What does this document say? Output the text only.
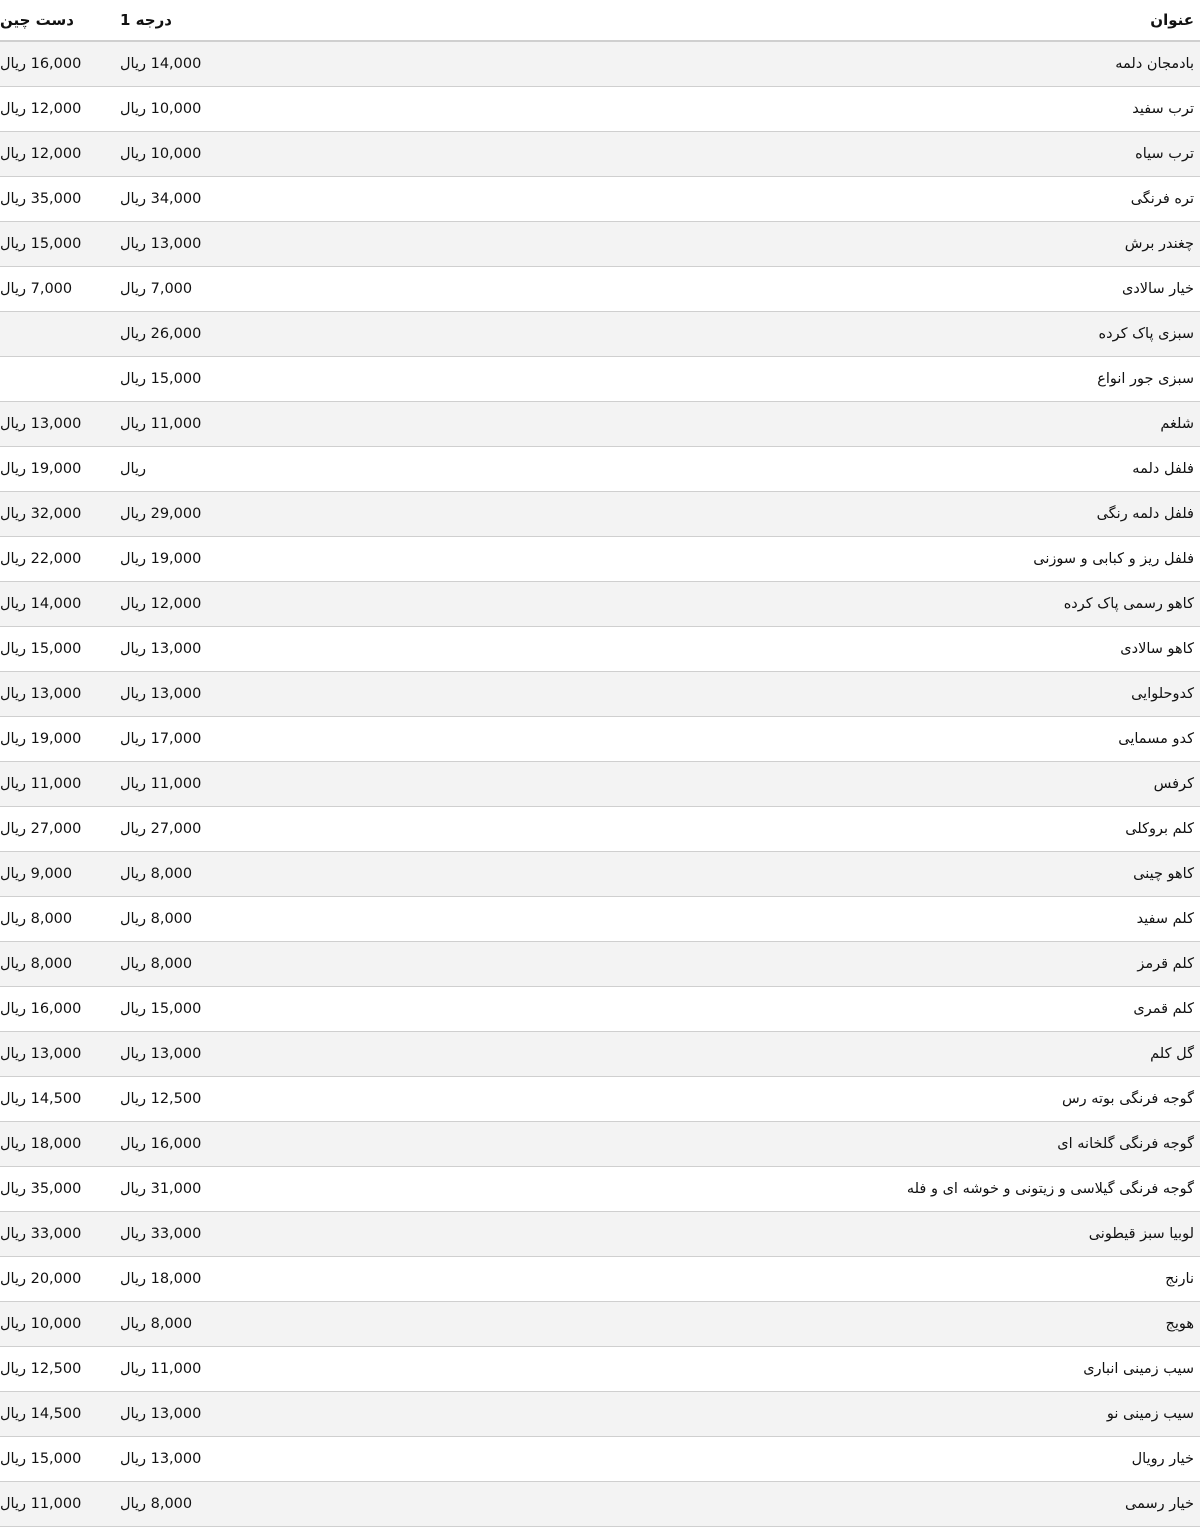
عنوان	درجه 1	دست چین
بادمجان دلمه	14,000 ریال	16,000 ریال
ترب سفید	10,000 ریال	12,000 ریال
ترب سیاه	10,000 ریال	12,000 ریال
تره فرنگی	34,000 ریال	35,000 ریال
چغندر برش	13,000 ریال	15,000 ریال
خیار سالادی	7,000 ریال	7,000 ریال
سبزی پاک کرده	26,000 ریال	
سبزی جور انواع	15,000 ریال	
شلغم	11,000 ریال	13,000 ریال
فلفل دلمه	ریال	19,000 ریال
فلفل دلمه رنگی	29,000 ریال	32,000 ریال
فلفل ریز و کبابی و سوزنی	19,000 ریال	22,000 ریال
کاهو رسمی پاک کرده	12,000 ریال	14,000 ریال
کاهو سالادی	13,000 ریال	15,000 ریال
کدوحلوایی	13,000 ریال	13,000 ریال
کدو مسمایی	17,000 ریال	19,000 ریال
کرفس	11,000 ریال	11,000 ریال
کلم بروکلی	27,000 ریال	27,000 ریال
کاهو چینی	8,000 ریال	9,000 ریال
کلم سفید	8,000 ریال	8,000 ریال
کلم قرمز	8,000 ریال	8,000 ریال
کلم قمری	15,000 ریال	16,000 ریال
گل کلم	13,000 ریال	13,000 ریال
گوجه فرنگی بوته رس	12,500 ریال	14,500 ریال
گوجه فرنگی گلخانه ای	16,000 ریال	18,000 ریال
گوجه فرنگی گیلاسی و زیتونی و خوشه ای و فله	31,000 ریال	35,000 ریال
لوبیا سبز قیطونی	33,000 ریال	33,000 ریال
نارنج	18,000 ریال	20,000 ریال
هویج	8,000 ریال	10,000 ریال
سیب زمینی انباری	11,000 ریال	12,500 ریال
سیب زمینی نو	13,000 ریال	14,500 ریال
خیار رویال	13,000 ریال	15,000 ریال
خیار رسمی	8,000 ریال	11,000 ریال
